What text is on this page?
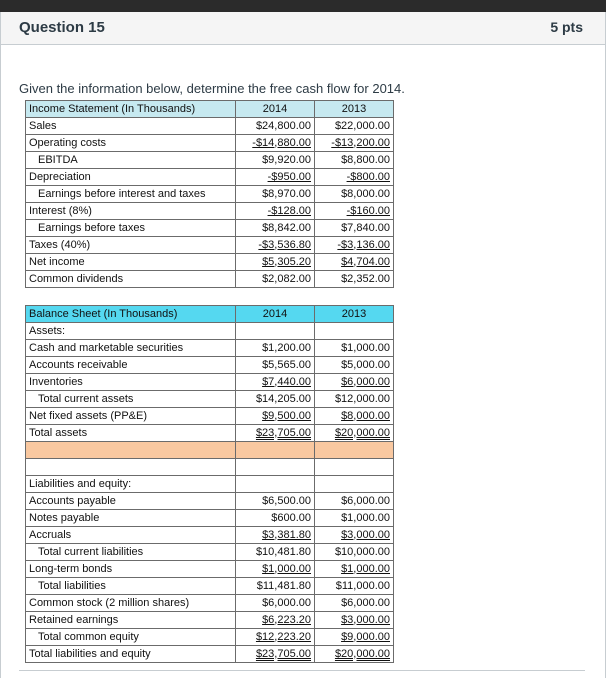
Question 15	5 pts
Given the information below, determine the free cash flow for 2014.
Income Statement (In Thousands)	2014	2013
Sales	$24,800.00	$22,000.00
Operating costs	-$14,880.00	-$13,200.00
EBITDA	$9,920.00	$8,800.00
Depreciation	-$950.00	-$800.00
Earnings before interest and taxes	$8,970.00	$8,000.00
Interest (8%)	-$128.00	-$160.00
Earnings before taxes	$8,842.00	$7,840.00
Taxes (40%)	-$3,536.80	-$3,136.00
Net income	$5,305.20	$4,704.00
Common dividends	$2,082.00	$2,352.00
Balance Sheet (In Thousands)	2014	2013
Assets:		
Cash and marketable securities	$1,200.00	$1,000.00
Accounts receivable	$5,565.00	$5,000.00
Inventories	$7,440.00	$6,000.00
Total current assets	$14,205.00	$12,000.00
Net fixed assets (PP&E)	$9,500.00	$8,000.00
Total assets	$23,705.00	$20,000.00

Liabilities and equity:		
Accounts payable	$6,500.00	$6,000.00
Notes payable	$600.00	$1,000.00
Accruals	$3,381.80	$3,000.00
Total current liabilities	$10,481.80	$10,000.00
Long-term bonds	$1,000.00	$1,000.00
Total liabilities	$11,481.80	$11,000.00
Common stock (2 million shares)	$6,000.00	$6,000.00
Retained earnings	$6,223.20	$3,000.00
Total common equity	$12,223.20	$9,000.00
Total liabilities and equity	$23,705.00	$20,000.00
